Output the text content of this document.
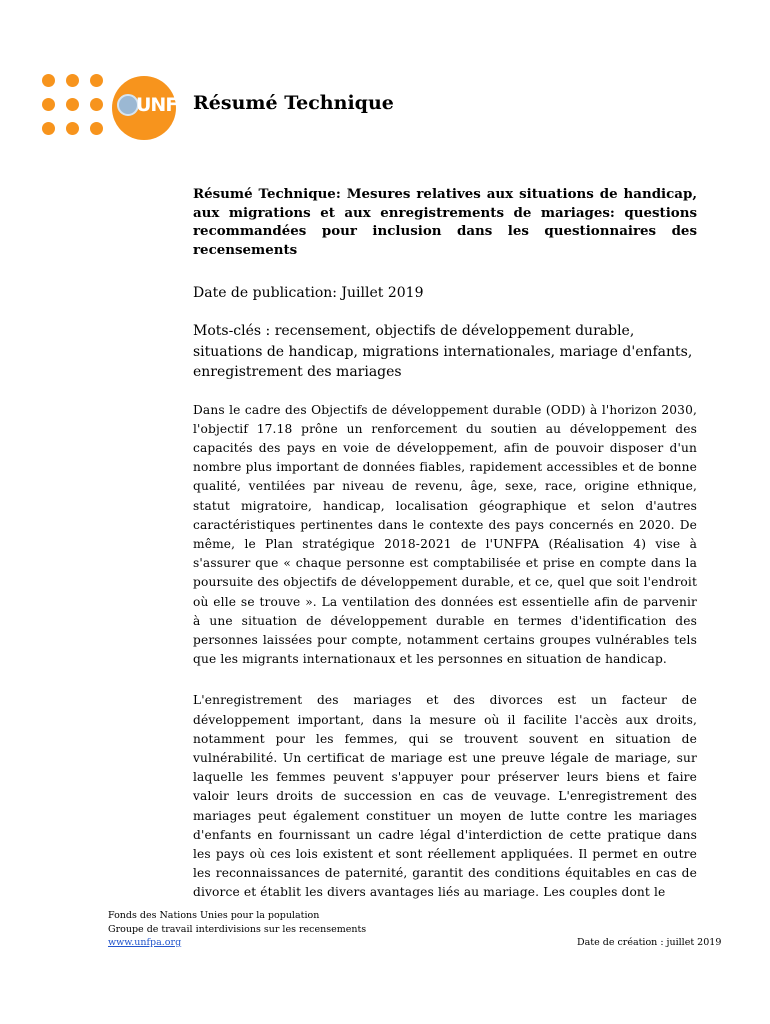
UNFPA
Résumé Technique

Résumé Technique: Mesures relatives aux situations de handicap, aux migrations et aux enregistrements de mariages: questions recommandées pour inclusion dans les questionnaires des recensements

Date de publication: Juillet 2019

Mots-clés : recensement, objectifs de développement durable, situations de handicap, migrations internationales, mariage d'enfants, enregistrement des mariages

Dans le cadre des Objectifs de développement durable (ODD) à l'horizon 2030, l'objectif 17.18 prône un renforcement du soutien au développement des capacités des pays en voie de développement, afin de pouvoir disposer d'un nombre plus important de données fiables, rapidement accessibles et de bonne qualité, ventilées par niveau de revenu, âge, sexe, race, origine ethnique, statut migratoire, handicap, localisation géographique et selon d'autres caractéristiques pertinentes dans le contexte des pays concernés en 2020. De même, le Plan stratégique 2018-2021 de l'UNFPA (Réalisation 4) vise à s'assurer que « chaque personne est comptabilisée et prise en compte dans la poursuite des objectifs de développement durable, et ce, quel que soit l'endroit où elle se trouve ». La ventilation des données est essentielle afin de parvenir à une situation de développement durable en termes d'identification des personnes laissées pour compte, notamment certains groupes vulnérables tels que les migrants internationaux et les personnes en situation de handicap.

L'enregistrement des mariages et des divorces est un facteur de développement important, dans la mesure où il facilite l'accès aux droits, notamment pour les femmes, qui se trouvent souvent en situation de vulnérabilité. Un certificat de mariage est une preuve légale de mariage, sur laquelle les femmes peuvent s'appuyer pour préserver leurs biens et faire valoir leurs droits de succession en cas de veuvage. L'enregistrement des mariages peut également constituer un moyen de lutte contre les mariages d'enfants en fournissant un cadre légal d'interdiction de cette pratique dans les pays où ces lois existent et sont réellement appliquées. Il permet en outre les reconnaissances de paternité, garantit des conditions équitables en cas de divorce et établit les divers avantages liés au mariage. Les couples dont le

Fonds des Nations Unies pour la population
Groupe de travail interdivisions sur les recensements
www.unfpa.org	Date de création : juillet 2019
